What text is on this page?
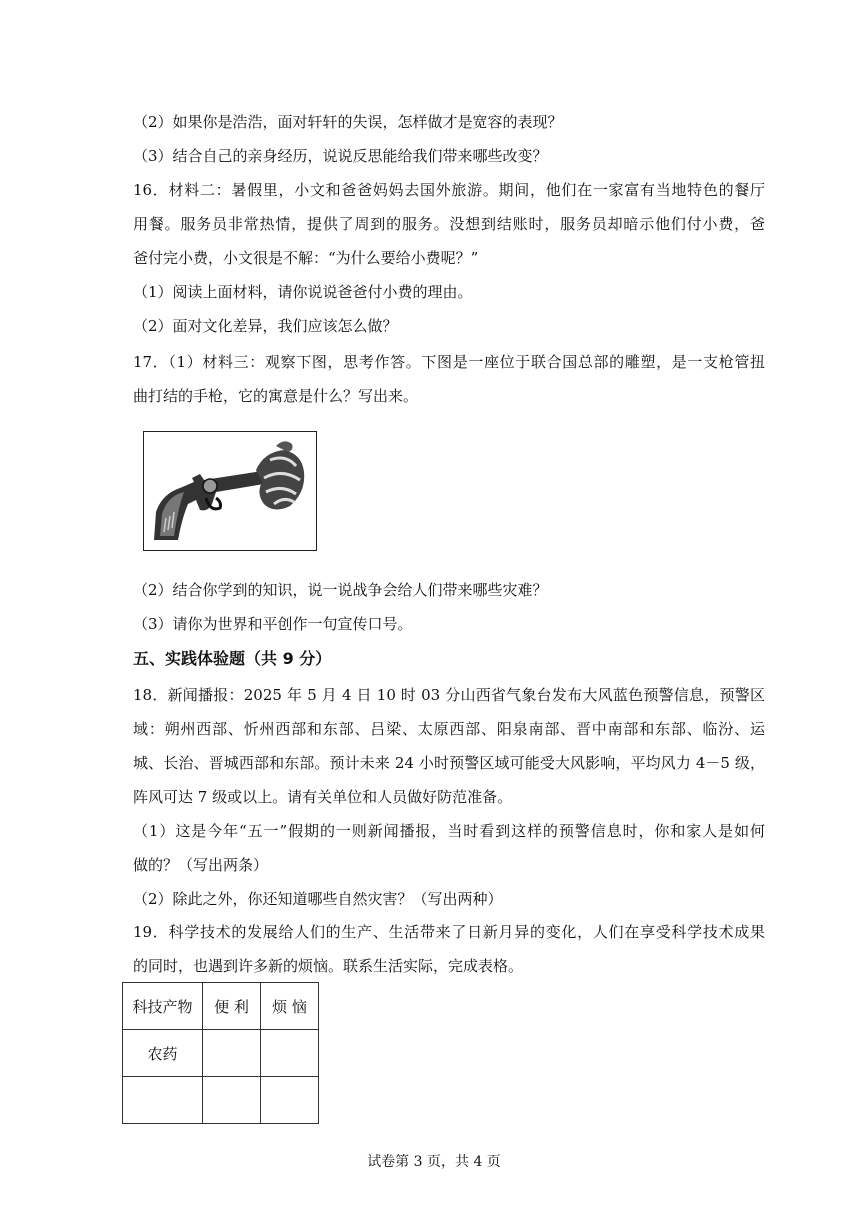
（2）如果你是浩浩，面对轩轩的失误，怎样做才是宽容的表现？
（3）结合自己的亲身经历，说说反思能给我们带来哪些改变？
16．材料二：暑假里，小文和爸爸妈妈去国外旅游。期间，他们在一家富有当地特色的餐厅
用餐。服务员非常热情，提供了周到的服务。没想到结账时，服务员却暗示他们付小费，爸
爸付完小费，小文很是不解：“为什么要给小费呢？”
（1）阅读上面材料，请你说说爸爸付小费的理由。
（2）面对文化差异，我们应该怎么做？
17．（1）材料三：观察下图，思考作答。下图是一座位于联合国总部的雕塑，是一支枪管扭
曲打结的手枪，它的寓意是什么？写出来。
（2）结合你学到的知识，说一说战争会给人们带来哪些灾难？
（3）请你为世界和平创作一句宣传口号。
五、实践体验题（共 9 分）
18．新闻播报：2025 年 5 月 4 日 10 时 03 分山西省气象台发布大风蓝色预警信息，预警区
域：朔州西部、忻州西部和东部、吕梁、太原西部、阳泉南部、晋中南部和东部、临汾、运
城、长治、晋城西部和东部。预计未来 24 小时预警区域可能受大风影响，平均风力 4－5 级，
阵风可达 7 级或以上。请有关单位和人员做好防范准备。
（1）这是今年“五一”假期的一则新闻播报，当时看到这样的预警信息时，你和家人是如何
做的？（写出两条）
（2）除此之外，你还知道哪些自然灾害？（写出两种）
19．科学技术的发展给人们的生产、生活带来了日新月异的变化，人们在享受科学技术成果
的同时，也遇到许多新的烦恼。联系生活实际，完成表格。
科技产物	便 利	烦 恼
农药		

试卷第 3 页，共 4 页
